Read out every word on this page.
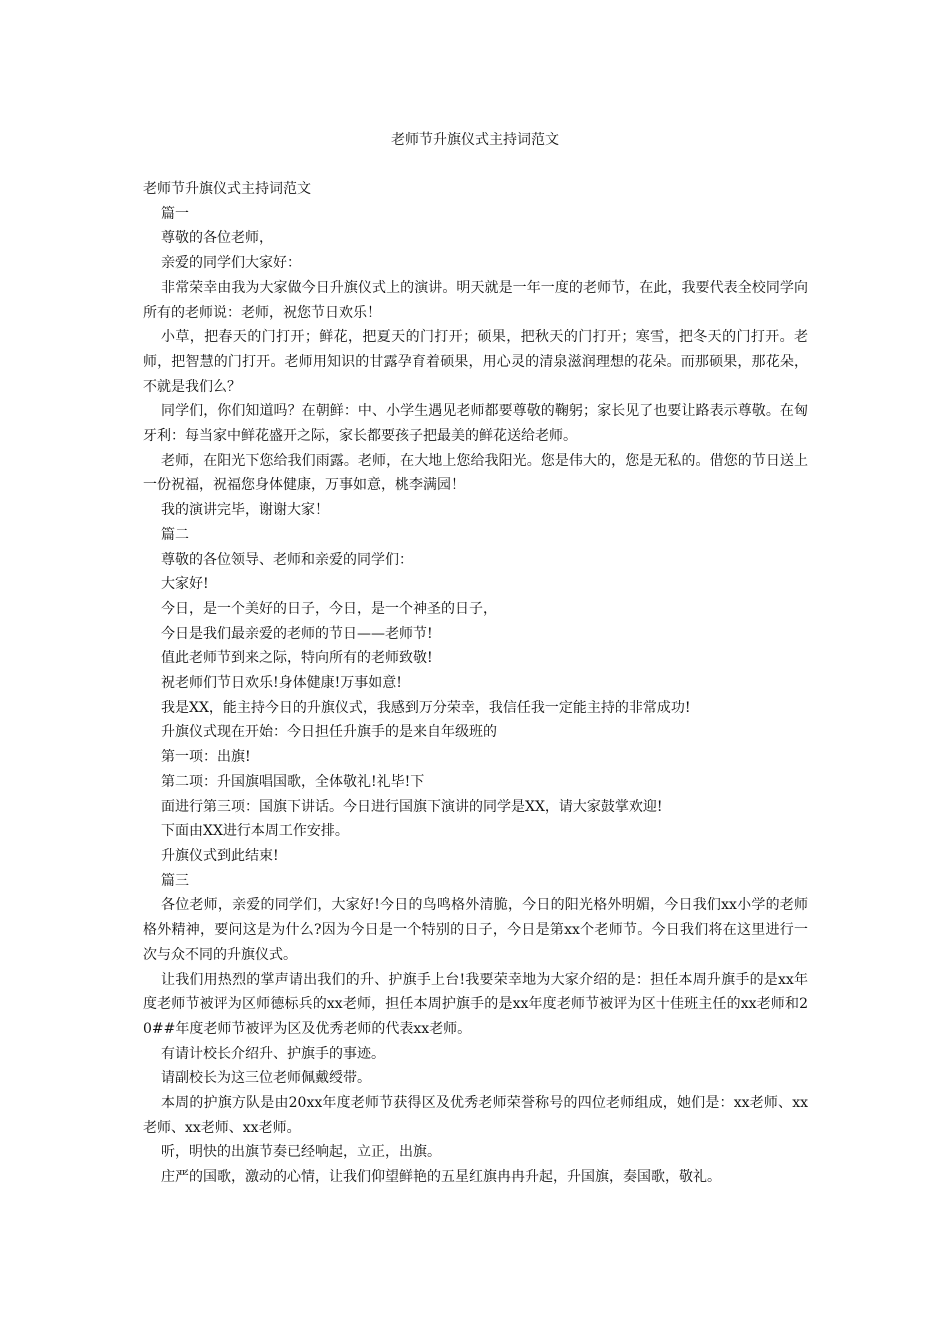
老师节升旗仪式主持词范文

老师节升旗仪式主持词范文

篇一

尊敬的各位老师，

亲爱的同学们大家好：

非常荣幸由我为大家做今日升旗仪式上的演讲。明天就是一年一度的老师节，在此，我要代表全校同学向所有的老师说：老师，祝您节日欢乐！

小草，把春天的门打开；鲜花，把夏天的门打开；硕果，把秋天的门打开；寒雪，把冬天的门打开。老师，把智慧的门打开。老师用知识的甘露孕育着硕果，用心灵的清泉滋润理想的花朵。而那硕果，那花朵，不就是我们么？

同学们，你们知道吗？在朝鲜：中、小学生遇见老师都要尊敬的鞠躬；家长见了也要让路表示尊敬。在匈牙利：每当家中鲜花盛开之际，家长都要孩子把最美的鲜花送给老师。

老师，在阳光下您给我们雨露。老师，在大地上您给我阳光。您是伟大的，您是无私的。借您的节日送上一份祝福，祝福您身体健康，万事如意，桃李满园！

我的演讲完毕，谢谢大家！

篇二

尊敬的各位领导、老师和亲爱的同学们：

大家好!

今日，是一个美好的日子，今日，是一个神圣的日子，

今日是我们最亲爱的老师的节日——老师节!

值此老师节到来之际，特向所有的老师致敬!

祝老师们节日欢乐!身体健康!万事如意!

我是XX，能主持今日的升旗仪式，我感到万分荣幸，我信任我一定能主持的非常成功!

升旗仪式现在开始：今日担任升旗手的是来自年级班的

第一项：出旗!

第二项：升国旗唱国歌，全体敬礼!礼毕!下

面进行第三项：国旗下讲话。今日进行国旗下演讲的同学是XX，请大家鼓掌欢迎!

下面由XX进行本周工作安排。

升旗仪式到此结束!

篇三

各位老师，亲爱的同学们，大家好!今日的鸟鸣格外清脆，今日的阳光格外明媚，今日我们xx小学的老师格外精神，要问这是为什么?因为今日是一个特别的日子，今日是第xx个老师节。今日我们将在这里进行一次与众不同的升旗仪式。

让我们用热烈的掌声请出我们的升、护旗手上台!我要荣幸地为大家介绍的是：担任本周升旗手的是xx年度老师节被评为区师德标兵的xx老师，担任本周护旗手的是xx年度老师节被评为区十佳班主任的xx老师和20##年度老师节被评为区及优秀老师的代表xx老师。

有请计校长介绍升、护旗手的事迹。

请副校长为这三位老师佩戴绶带。

本周的护旗方队是由20xx年度老师节获得区及优秀老师荣誉称号的四位老师组成，她们是：xx老师、xx老师、xx老师、xx老师。

听，明快的出旗节奏已经响起，立正，出旗。

庄严的国歌，激动的心情，让我们仰望鲜艳的五星红旗冉冉升起，升国旗，奏国歌，敬礼。
